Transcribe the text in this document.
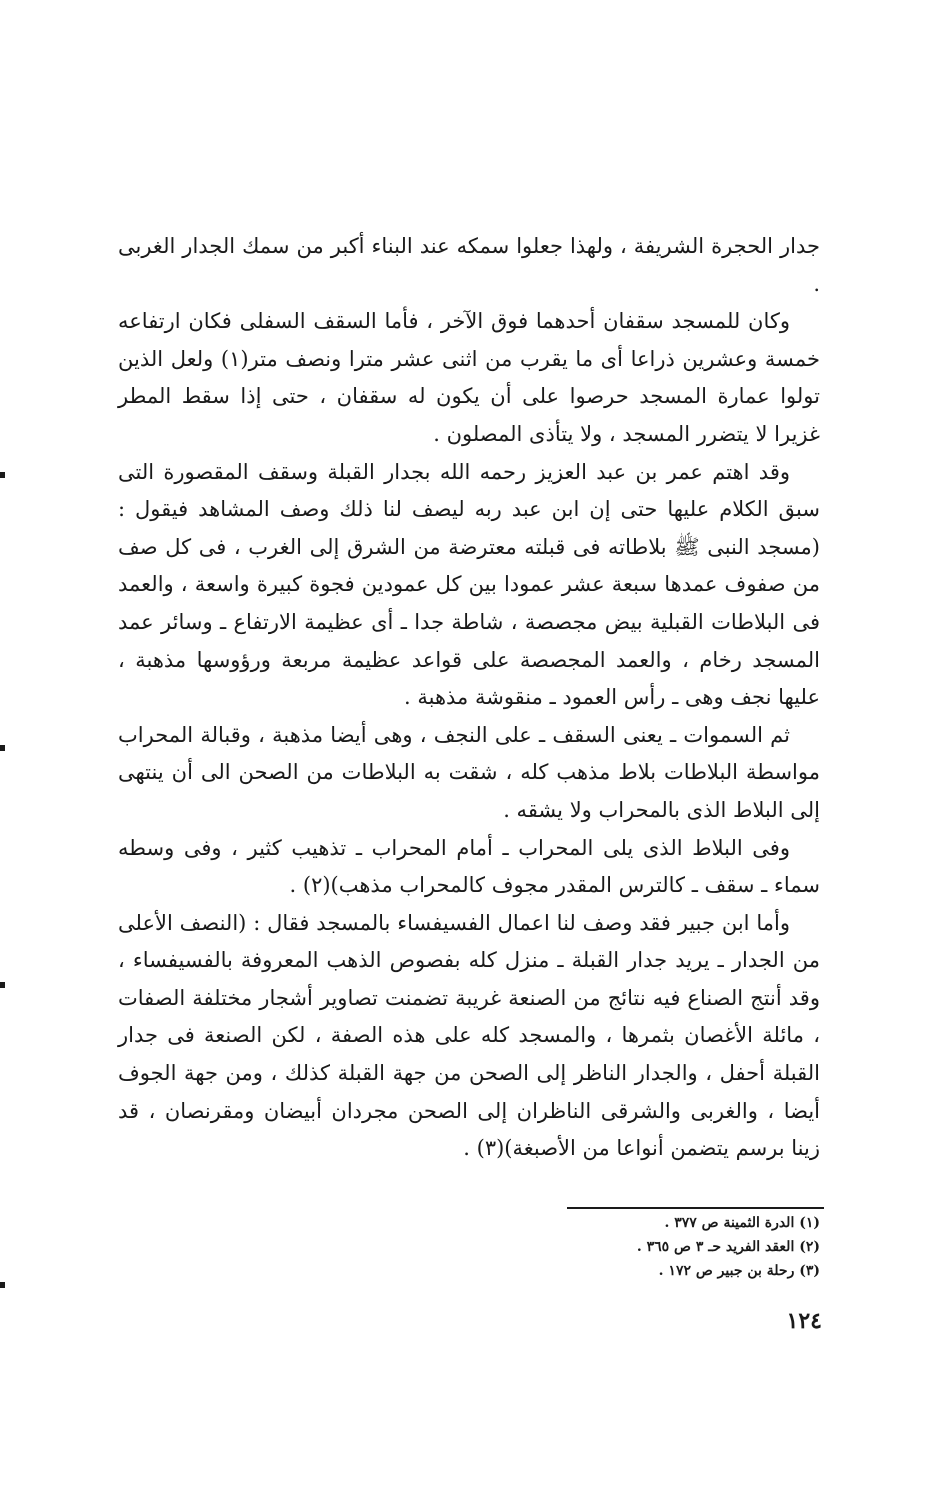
جدار الحجرة الشريفة ، ولهذا جعلوا سمكه عند البناء أكبر من سمك الجدار الغربى .

وكان للمسجد سقفان أحدهما فوق الآخر ، فأما السقف السفلى فكان ارتفاعه خمسة وعشرين ذراعا أى ما يقرب من اثنى عشر مترا ونصف متر(١) ولعل الذين تولوا عمارة المسجد حرصوا على أن يكون له سقفان ، حتى إذا سقط المطر غزيرا لا يتضرر المسجد ، ولا يتأذى المصلون .

وقد اهتم عمر بن عبد العزيز رحمه الله بجدار القبلة وسقف المقصورة التى سبق الكلام عليها حتى إن ابن عبد ربه ليصف لنا ذلك وصف المشاهد فيقول : (مسجد النبى ﷺ بلاطاته فى قبلته معترضة من الشرق إلى الغرب ، فى كل صف من صفوف عمدها سبعة عشر عمودا بين كل عمودين فجوة كبيرة واسعة ، والعمد فى البلاطات القبلية بيض مجصصة ، شاطة جدا ـ أى عظيمة الارتفاع ـ وسائر عمد المسجد رخام ، والعمد المجصصة على قواعد عظيمة مربعة ورؤوسها مذهبة ، عليها نجف وهى ـ رأس العمود ـ منقوشة مذهبة .

ثم السموات ـ يعنى السقف ـ على النجف ، وهى أيضا مذهبة ، وقبالة المحراب مواسطة البلاطات بلاط مذهب كله ، شقت به البلاطات من الصحن الى أن ينتهى إلى البلاط الذى بالمحراب ولا يشقه .

وفى البلاط الذى يلى المحراب ـ أمام المحراب ـ تذهيب كثير ، وفى وسطه سماء ـ سقف ـ كالترس المقدر مجوف كالمحراب مذهب)(٢) .

وأما ابن جبير فقد وصف لنا اعمال الفسيفساء بالمسجد فقال : (النصف الأعلى من الجدار ـ يريد جدار القبلة ـ منزل كله بفصوص الذهب المعروفة بالفسيفساء ، وقد أنتج الصناع فيه نتائج من الصنعة غريبة تضمنت تصاوير أشجار مختلفة الصفات ، مائلة الأغصان بثمرها ، والمسجد كله على هذه الصفة ، لكن الصنعة فى جدار القبلة أحفل ، والجدار الناظر إلى الصحن من جهة القبلة كذلك ، ومن جهة الجوف أيضا ، والغربى والشرقى الناظران إلى الصحن مجردان أبيضان ومقرنصان ، قد زينا برسم يتضمن أنواعا من الأصبغة)(٣) .

(١) الدرة الثمينة ص ٣٧٧ .

(٢) العقد الفريد حـ ٣ ص ٣٦٥ .

(٣) رحلة بن جبير ص ١٧٢ .

١٢٤
